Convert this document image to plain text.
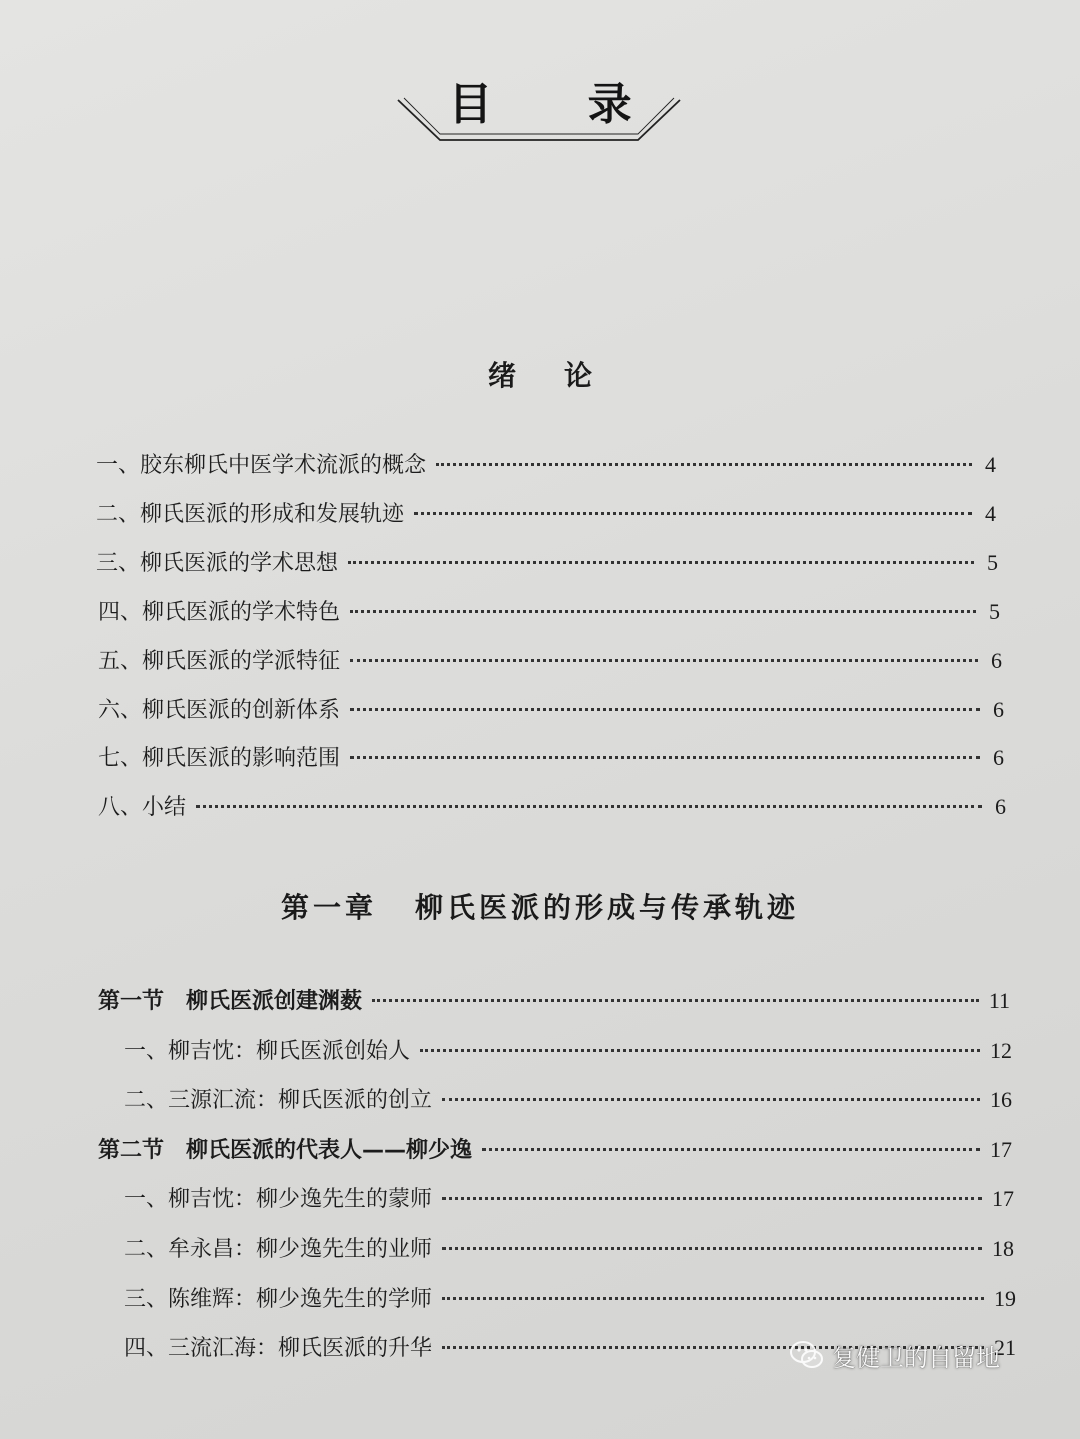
目 录
绪论
一、胶东柳氏中医学术流派的概念	4
二、柳氏医派的形成和发展轨迹	4
三、柳氏医派的学术思想	5
四、柳氏医派的学术特色	5
五、柳氏医派的学派特征	6
六、柳氏医派的创新体系	6
七、柳氏医派的影响范围	6
八、小结	6
第一章 柳氏医派的形成与传承轨迹
第一节　柳氏医派创建渊薮	11
一、柳吉忱：柳氏医派创始人	12
二、三源汇流：柳氏医派的创立	16
第二节　柳氏医派的代表人——柳少逸	17
一、柳吉忱：柳少逸先生的蒙师	17
二、牟永昌：柳少逸先生的业师	18
三、陈维辉：柳少逸先生的学师	19
四、三流汇海：柳氏医派的升华	21
复健卫的自留地
